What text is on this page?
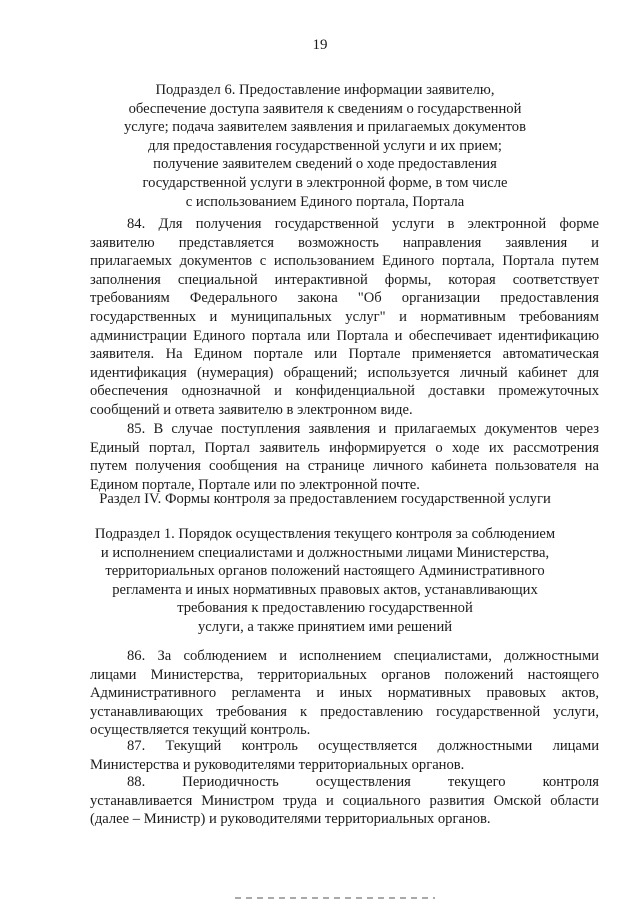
19
Подраздел 6. Предоставление информации заявителю,
обеспечение доступа заявителя к сведениям о государственной
услуге; подача заявителем заявления и прилагаемых документов
для предоставления государственной услуги и их прием;
получение заявителем сведений о ходе предоставления
государственной услуги в электронной форме, в том числе
с использованием Единого портала, Портала
84. Для получения государственной услуги в электронной форме
заявителю представляется возможность направления заявления и
прилагаемых документов с использованием Единого портала, Портала путем
заполнения специальной интерактивной формы, которая соответствует
требованиям Федерального закона "Об организации предоставления
государственных и муниципальных услуг" и нормативным требованиям
администрации Единого портала или Портала и обеспечивает идентификацию
заявителя. На Едином портале или Портале применяется автоматическая
идентификация (нумерация) обращений; используется личный кабинет для
обеспечения однозначной и конфиденциальной доставки промежуточных
сообщений и ответа заявителю в электронном виде.
85. В случае поступления заявления и прилагаемых документов через
Единый портал, Портал заявитель информируется о ходе их рассмотрения
путем получения сообщения на странице личного кабинета пользователя на
Едином портале, Портале или по электронной почте.
Раздел IV. Формы контроля за предоставлением государственной услуги
Подраздел 1. Порядок осуществления текущего контроля за соблюдением
и исполнением специалистами и должностными лицами Министерства,
территориальных органов положений настоящего Административного
регламента и иных нормативных правовых актов, устанавливающих
требования к предоставлению государственной
услуги, а также принятием ими решений
86. За соблюдением и исполнением специалистами, должностными
лицами Министерства, территориальных органов положений настоящего
Административного регламента и иных нормативных правовых актов,
устанавливающих требования к предоставлению государственной услуги,
осуществляется текущий контроль.
87. Текущий контроль осуществляется должностными лицами
Министерства и руководителями территориальных органов.
88. Периодичность осуществления текущего контроля
устанавливается Министром труда и социального развития Омской области
(далее – Министр) и руководителями территориальных органов.
